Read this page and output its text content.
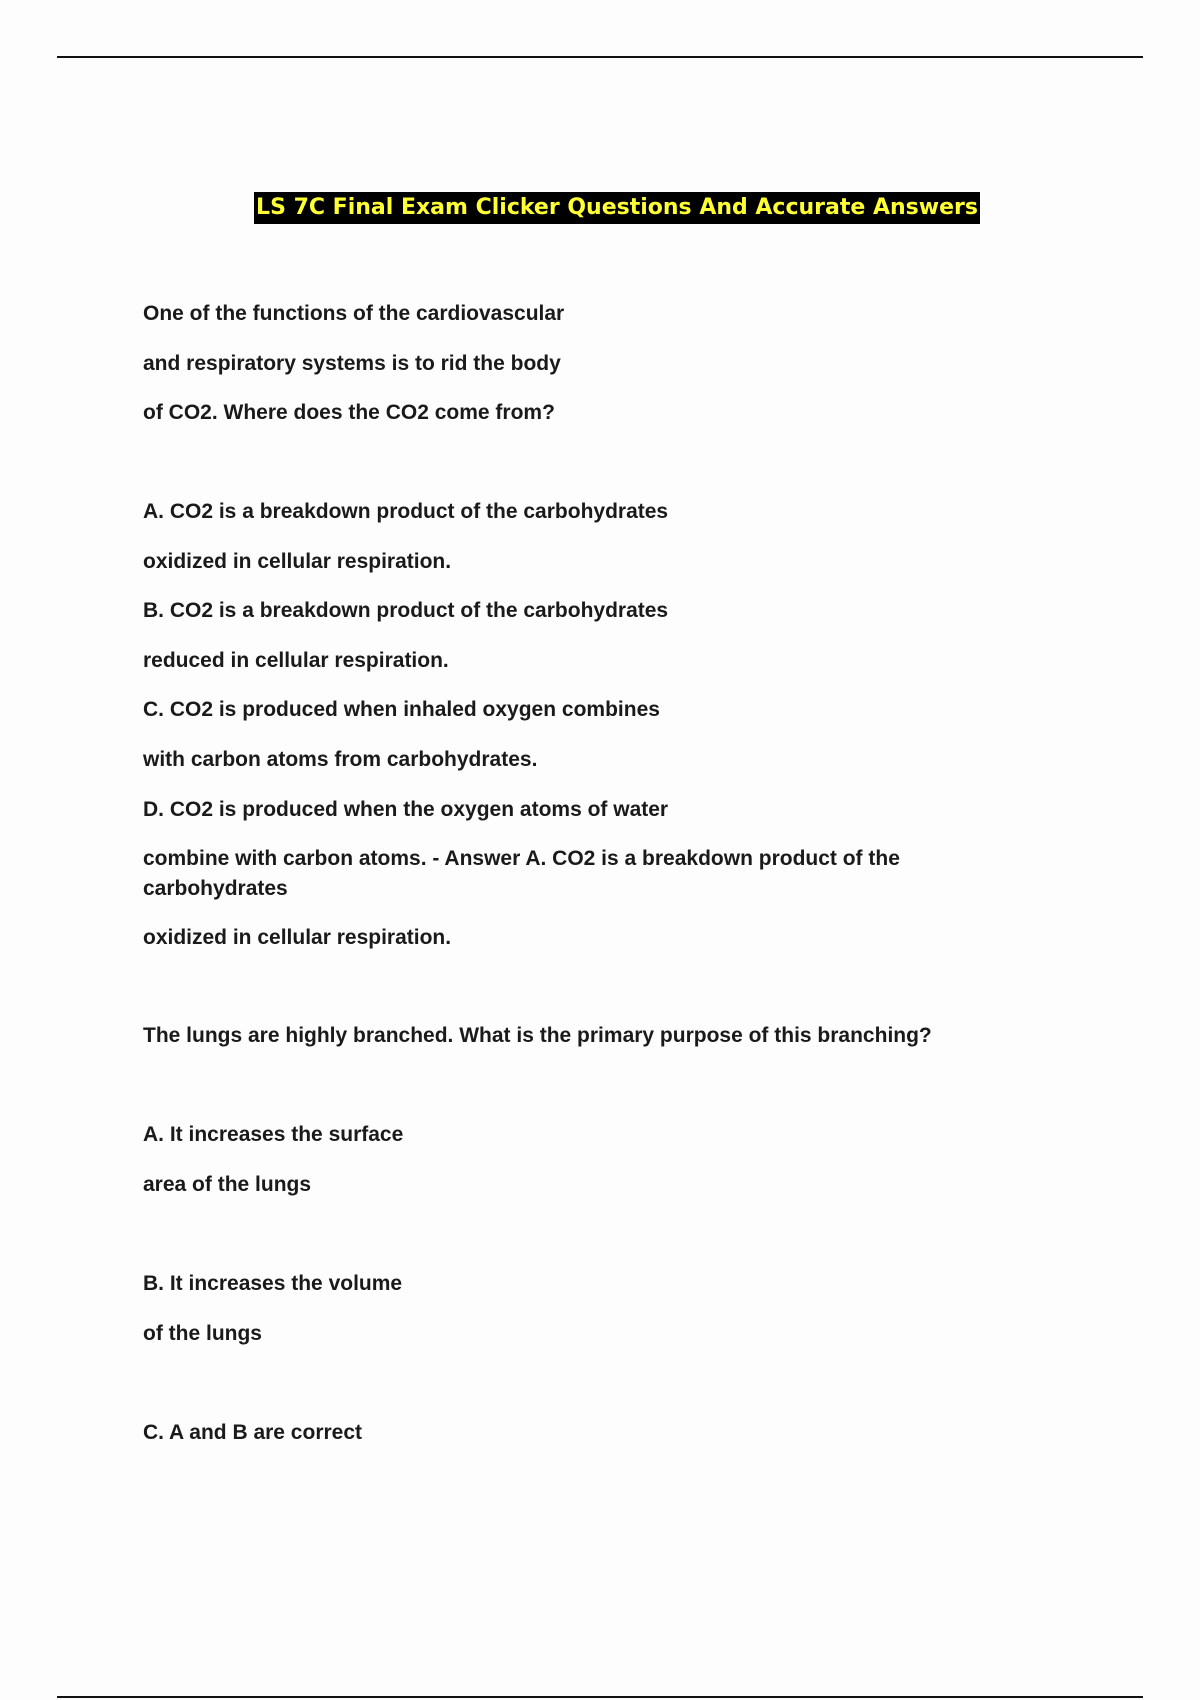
LS 7C Final Exam Clicker Questions And Accurate Answers
One of the functions of the cardiovascular
and respiratory systems is to rid the body
of CO2. Where does the CO2 come from?
A. CO2 is a breakdown product of the carbohydrates
oxidized in cellular respiration.
B. CO2 is a breakdown product of the carbohydrates
reduced in cellular respiration.
C. CO2 is produced when inhaled oxygen combines
with carbon atoms from carbohydrates.
D. CO2 is produced when the oxygen atoms of water
combine with carbon atoms. - Answer A. CO2 is a breakdown product of the carbohydrates
oxidized in cellular respiration.
The lungs are highly branched. What is the primary purpose of this branching?
A. It increases the surface
area of the lungs
B. It increases the volume
of the lungs
C. A and B are correct
